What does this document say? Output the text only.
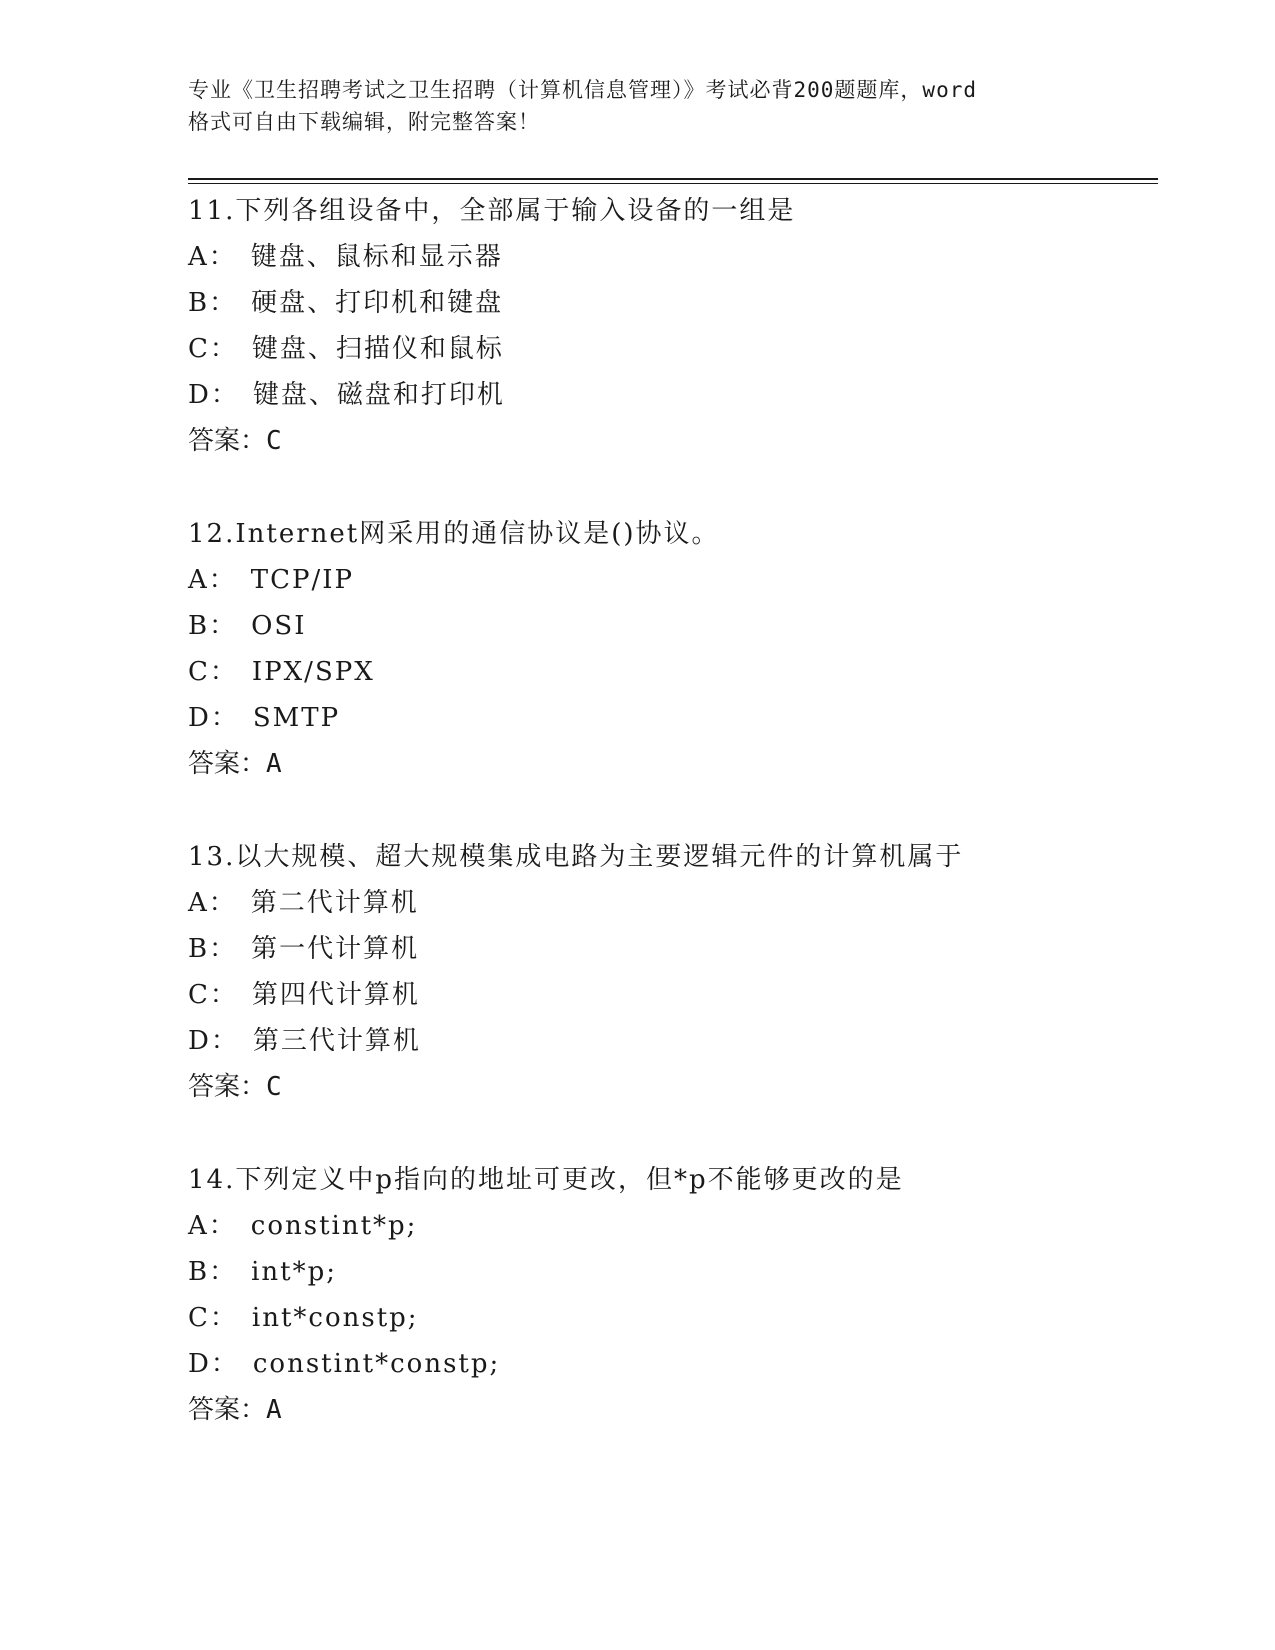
专业《卫生招聘考试之卫生招聘（计算机信息管理）》考试必背200题题库，word
格式可自由下载编辑，附完整答案！
11.下列各组设备中，全部属于输入设备的一组是
A： 键盘、鼠标和显示器
B： 硬盘、打印机和键盘
C： 键盘、扫描仪和鼠标
D： 键盘、磁盘和打印机
答案：C
12.Internet网采用的通信协议是()协议。
A： TCP/IP
B： OSI
C： IPX/SPX
D： SMTP
答案：A
13.以大规模、超大规模集成电路为主要逻辑元件的计算机属于
A： 第二代计算机
B： 第一代计算机
C： 第四代计算机
D： 第三代计算机
答案：C
14.下列定义中p指向的地址可更改，但*p不能够更改的是
A： constint*p;
B： int*p;
C： int*constp;
D： constint*constp;
答案：A
